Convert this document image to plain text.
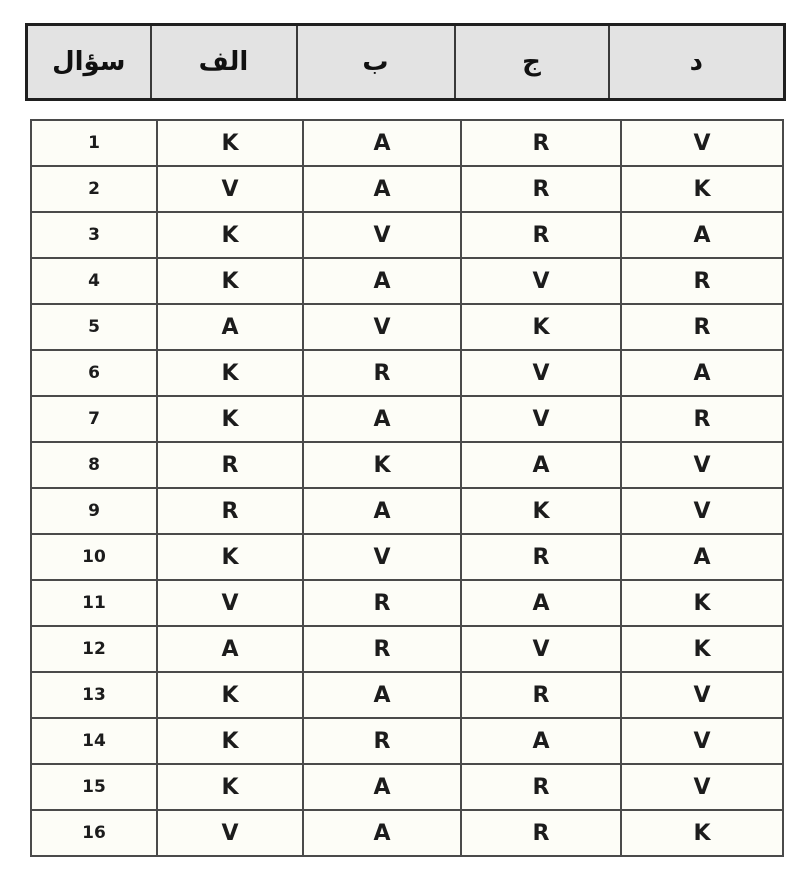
سؤال	الف	ب	ج	د
1	K	A	R	V
2	V	A	R	K
3	K	V	R	A
4	K	A	V	R
5	A	V	K	R
6	K	R	V	A
7	K	A	V	R
8	R	K	A	V
9	R	A	K	V
10	K	V	R	A
11	V	R	A	K
12	A	R	V	K
13	K	A	R	V
14	K	R	A	V
15	K	A	R	V
16	V	A	R	K
